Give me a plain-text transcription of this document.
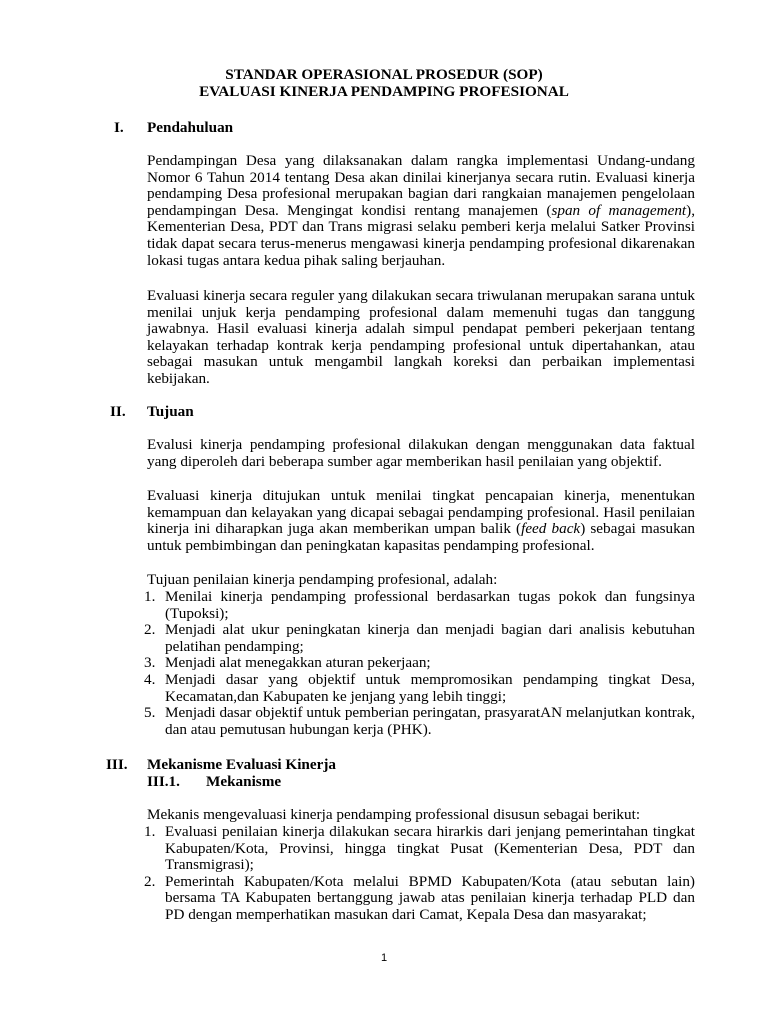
STANDAR OPERASIONAL PROSEDUR (SOP)
EVALUASI KINERJA PENDAMPING PROFESIONAL
I. Pendahuluan
Pendampingan Desa yang dilaksanakan dalam rangka implementasi Undang-undang Nomor 6 Tahun 2014 tentang Desa akan dinilai kinerjanya secara rutin. Evaluasi kinerja pendamping Desa profesional merupakan bagian dari rangkaian manajemen pengelolaan pendampingan Desa. Mengingat kondisi rentang manajemen (span of management), Kementerian Desa, PDT dan Trans migrasi selaku pemberi kerja melalui Satker Provinsi tidak dapat secara terus-menerus mengawasi kinerja pendamping profesional dikarenakan lokasi tugas antara kedua pihak saling berjauhan.
Evaluasi kinerja secara reguler yang dilakukan secara triwulanan merupakan sarana untuk menilai unjuk kerja pendamping profesional dalam memenuhi tugas dan tanggung jawabnya. Hasil evaluasi kinerja adalah simpul pendapat pemberi pekerjaan tentang kelayakan terhadap kontrak kerja pendamping profesional untuk dipertahankan, atau sebagai masukan untuk mengambil langkah koreksi dan perbaikan implementasi kebijakan.
II. Tujuan
Evalusi kinerja pendamping profesional dilakukan dengan menggunakan data faktual yang diperoleh dari beberapa sumber agar memberikan hasil penilaian yang objektif.
Evaluasi kinerja ditujukan untuk menilai tingkat pencapaian kinerja, menentukan kemampuan dan kelayakan yang dicapai sebagai pendamping profesional. Hasil penilaian kinerja ini diharapkan juga akan memberikan umpan balik (feed back) sebagai masukan untuk pembimbingan dan peningkatan kapasitas pendamping profesional.
Tujuan penilaian kinerja pendamping profesional, adalah:
1. Menilai kinerja pendamping professional berdasarkan tugas pokok dan fungsinya (Tupoksi);
2. Menjadi alat ukur peningkatan kinerja dan menjadi bagian dari analisis kebutuhan pelatihan pendamping;
3. Menjadi alat menegakkan aturan pekerjaan;
4. Menjadi dasar yang objektif untuk mempromosikan pendamping tingkat Desa, Kecamatan,dan Kabupaten ke jenjang yang lebih tinggi;
5. Menjadi dasar objektif untuk pemberian peringatan, prasyaratAN melanjutkan kontrak, dan atau pemutusan hubungan kerja (PHK).
III. Mekanisme Evaluasi Kinerja
III.1. Mekanisme
Mekanis mengevaluasi kinerja pendamping professional disusun sebagai berikut:
1. Evaluasi penilaian kinerja dilakukan secara hirarkis dari jenjang pemerintahan tingkat Kabupaten/Kota, Provinsi, hingga tingkat Pusat (Kementerian Desa, PDT dan Transmigrasi);
2. Pemerintah Kabupaten/Kota melalui BPMD Kabupaten/Kota (atau sebutan lain) bersama TA Kabupaten bertanggung jawab atas penilaian kinerja terhadap PLD dan PD dengan memperhatikan masukan dari Camat, Kepala Desa dan masyarakat;
1
